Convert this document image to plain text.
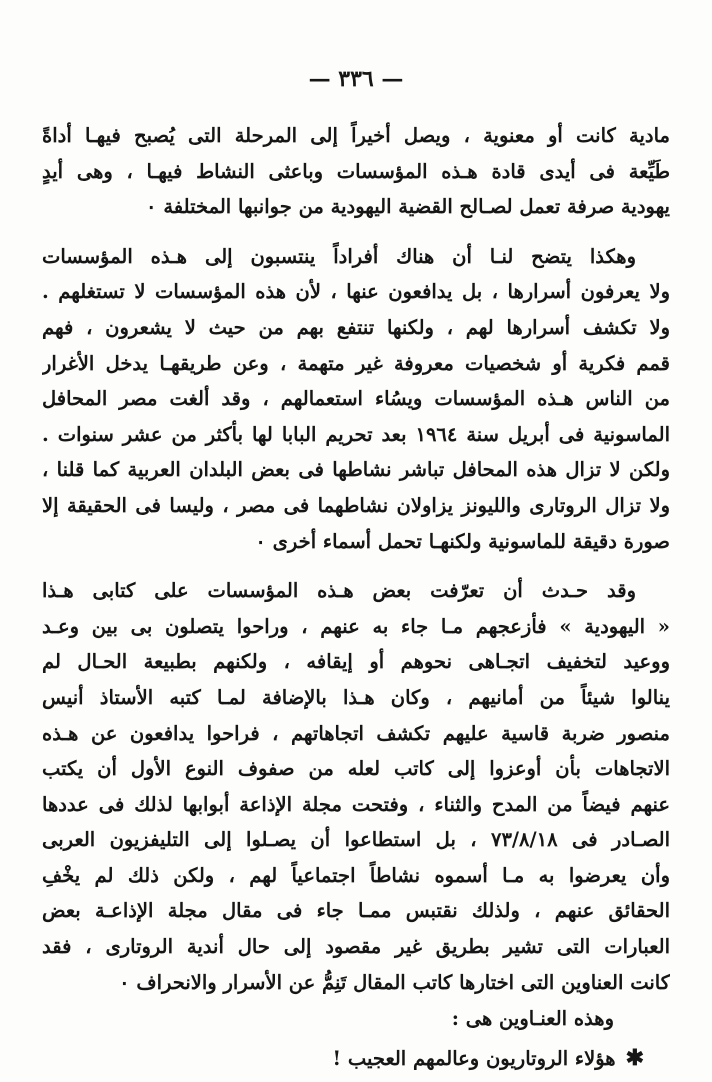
— ٣٣٦ —
مادية كانت أو معنوية ، ويصل أخيراً إلى المرحلة التى يُصبح فيهـا أداةً
طَيِّعة فى أيدى قادة هـذه المؤسسات وباعثى النشاط فيهـا ، وهى أيدٍ
يهودية صرفة تعمل لصـالح القضية اليهودية من جوانبها المختلفة ٠
وهكذا يتضح لنـا أن هناك أفراداً ينتسبون إلى هـذه المؤسسات
ولا يعرفون أسرارها ، بل يدافعون عنها ، لأن هذه المؤسسات لا تستغلهم .
ولا تكشف أسرارها لهم ، ولكنها تنتفع بهم من حيث لا يشعرون ، فهم
قمم فكرية أو شخصيات معروفة غير متهمة ، وعن طريقهـا يدخل الأغرار
من الناس هـذه المؤسسات ويسُاء استعمالهم ، وقد ألغت مصر المحافل
الماسونية فى أبريل سنة ١٩٦٤ بعد تحريم البابا لها بأكثر من عشر سنوات .
ولكن لا تزال هذه المحافل تباشر نشاطها فى بعض البلدان العربية كما قلنا ،
ولا تزال الروتارى والليونز يزاولان نشاطهما فى مصر ، وليسا فى الحقيقة إلا
صورة دقيقة للماسونية ولكنهـا تحمل أسماء أخرى ٠
وقد حـدث أن تعرّفت بعض هـذه المؤسسات على كتابى هـذا
« اليهودية » فأزعجهم مـا جاء به عنهم ، وراحوا يتصلون بى بين وعـد
ووعيد لتخفيف اتجـاهى نحوهم أو إيقافه ، ولكنهم بطبيعة الحـال لم
ينالوا شيئاً من أمانيهم ، وكان هـذا بالإضافة لمـا كتبه الأستاذ أنيس
منصور ضربة قاسية عليهم تكشف اتجاهاتهم ، فراحوا يدافعون عن هـذه
الاتجاهات بأن أوعزوا إلى كاتب لعله من صفوف النوع الأول أن يكتب
عنهم فيضاً من المدح والثناء ، وفتحت مجلة الإذاعة أبوابها لذلك فى عددها
الصـادر فى ٧٣/٨/١٨ ، بل استطاعوا أن يصـلوا إلى التليفزيون العربى
وأن يعرضوا به مـا أسموه نشاطاً اجتماعياً لهم ، ولكن ذلك لم يخْفِ
الحقائق عنهم ، ولذلك نقتبس ممـا جاء فى مقال مجلة الإذاعـة بعض
العبارات التى تشير بطريق غير مقصود إلى حال أندية الروتارى ، فقد
كانت العناوين التى اختارها كاتب المقال تَنِمُّ عن الأسرار والانحراف ٠
وهذه العنـاوين هى :
✱هؤلاء الروتاريون وعالمهم العجيب !
